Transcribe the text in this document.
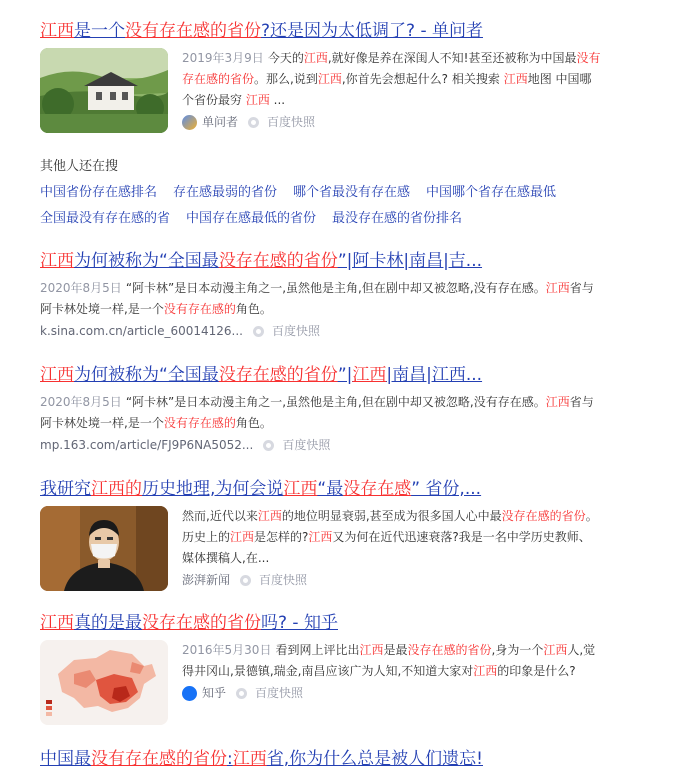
江西是一个没有存在感的省份?还是因为太低调了? - 单问者
2019年3月9日 今天的江西,就好像是养在深闺人不知!甚至还被称为中国最没有存在感的省份。那么,说到江西,你首先会想起什么? 相关搜索 江西地图 中国哪个省份最穷 江西 ...
单问者 百度快照
其他人还在搜
中国省份存在感排名 存在感最弱的省份 哪个省最没有存在感 中国哪个省存在感最低
全国最没有存在感的省 中国存在感最低的省份 最没存在感的省份排名
江西为何被称为“全国最没存在感的省份”|阿卡林|南昌|吉...
2020年8月5日 “阿卡林”是日本动漫主角之一,虽然他是主角,但在剧中却又被忽略,没有存在感。江西省与阿卡林处境一样,是一个没有存在感的角色。
k.sina.com.cn/article_60014126... 百度快照
江西为何被称为“全国最没存在感的省份”|江西|南昌|江西...
2020年8月5日 “阿卡林”是日本动漫主角之一,虽然他是主角,但在剧中却又被忽略,没有存在感。江西省与阿卡林处境一样,是一个没有存在感的角色。
mp.163.com/article/FJ9P6NA5052... 百度快照
我研究江西的历史地理,为何会说江西“最没存在感” 省份,...
然而,近代以来江西的地位明显衰弱,甚至成为很多国人心中最没存在感的省份。历史上的江西是怎样的?江西又为何在近代迅速衰落?我是一名中学历史教师、媒体撰稿人,在...
澎湃新闻 百度快照
江西真的是最没存在感的省份吗? - 知乎
2016年5月30日 看到网上评比出江西是最没存在感的省份,身为一个江西人,觉得井冈山,景德镇,瑞金,南昌应该广为人知,不知道大家对江西的印象是什么?
知乎 百度快照
中国最没有存在感的省份:江西省,你为什么总是被人们遗忘!
